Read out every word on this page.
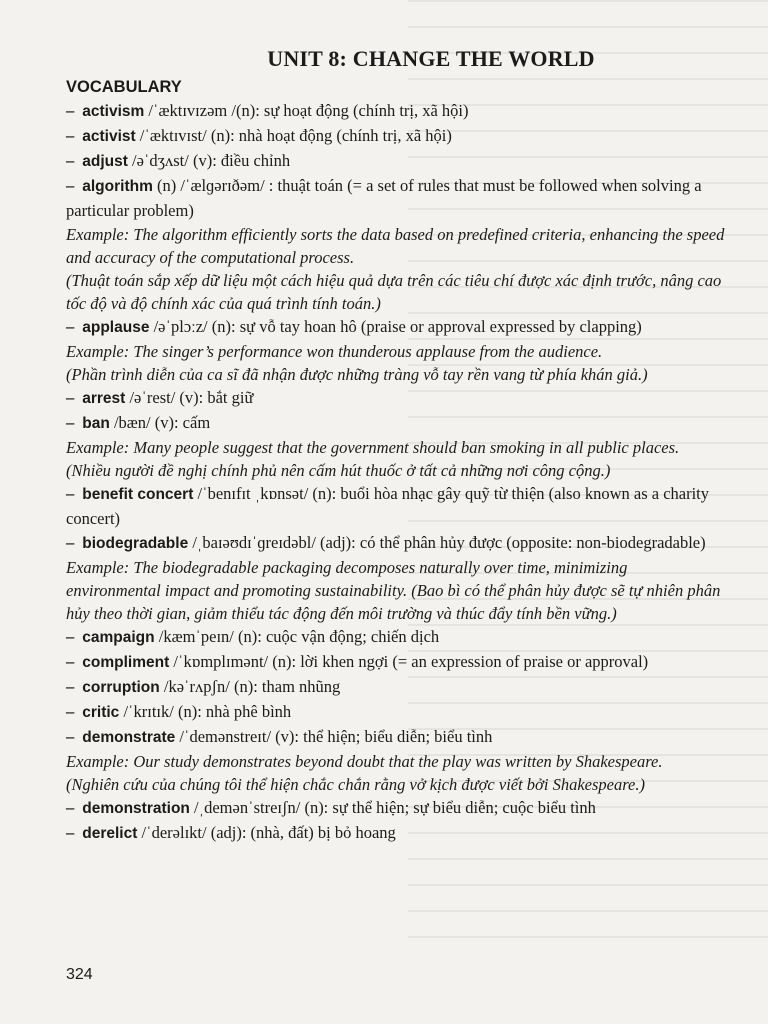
UNIT 8: CHANGE THE WORLD
VOCABULARY

– activism /ˈæktɪvɪzəm /(n): sự hoạt động (chính trị, xã hội)

– activist /ˈæktɪvɪst/ (n): nhà hoạt động (chính trị, xã hội)

– adjust /əˈdʒʌst/ (v): điều chỉnh

– algorithm (n) /ˈælɡərɪðəm/ : thuật toán (= a set of rules that must be followed when solving a particular problem)

Example: The algorithm efficiently sorts the data based on predefined criteria, enhancing the speed and accuracy of the computational process.

(Thuật toán sắp xếp dữ liệu một cách hiệu quả dựa trên các tiêu chí được xác định trước, nâng cao tốc độ và độ chính xác của quá trình tính toán.)

– applause /əˈplɔːz/ (n): sự vỗ tay hoan hô (praise or approval expressed by clapping)

Example: The singer’s performance won thunderous applause from the audience.

(Phần trình diễn của ca sĩ đã nhận được những tràng vỗ tay rền vang từ phía khán giả.)

– arrest /əˈrest/ (v): bắt giữ

– ban /bæn/ (v): cấm

Example: Many people suggest that the government should ban smoking in all public places.

(Nhiều người đề nghị chính phủ nên cấm hút thuốc ở tất cả những nơi công cộng.)

– benefit concert /ˈbenɪfɪt ˌkɒnsət/ (n): buổi hòa nhạc gây quỹ từ thiện (also known as a charity concert)

– biodegradable /ˌbaɪəʊdɪˈɡreɪdəbl/ (adj): có thể phân hủy được (opposite: non-biodegradable)

Example: The biodegradable packaging decomposes naturally over time, minimizing environmental impact and promoting sustainability. (Bao bì có thể phân hủy được sẽ tự nhiên phân hủy theo thời gian, giảm thiểu tác động đến môi trường và thúc đẩy tính bền vững.)

– campaign /kæmˈpeɪn/ (n): cuộc vận động; chiến dịch

– compliment /ˈkɒmplɪmənt/ (n): lời khen ngợi (= an expression of praise or approval)

– corruption /kəˈrʌpʃn/ (n): tham nhũng

– critic /ˈkrɪtɪk/ (n): nhà phê bình

– demonstrate /ˈdemənstreɪt/ (v): thể hiện; biểu diễn; biểu tình

Example: Our study demonstrates beyond doubt that the play was written by Shakespeare.

(Nghiên cứu của chúng tôi thể hiện chắc chắn rằng vở kịch được viết bởi Shakespeare.)

– demonstration /ˌdemənˈstreɪʃn/ (n): sự thể hiện; sự biểu diễn; cuộc biểu tình

– derelict /ˈderəlɪkt/ (adj): (nhà, đất) bị bỏ hoang

324
